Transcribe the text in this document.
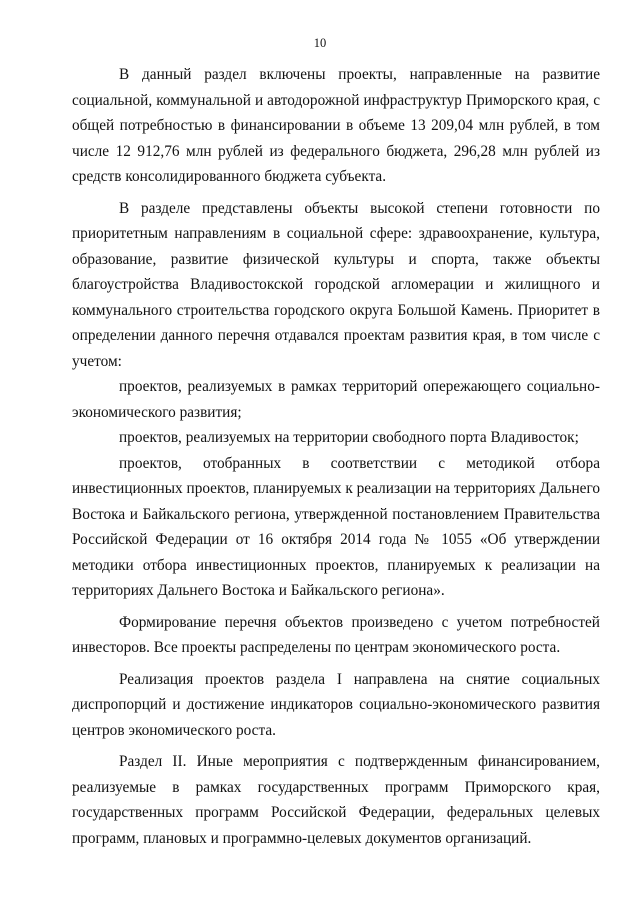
10

В данный раздел включены проекты, направленные на развитие социальной, коммунальной и автодорожной инфраструктур Приморского края, с общей потребностью в финансировании в объеме 13 209,04 млн рублей, в том числе 12 912,76 млн рублей из федерального бюджета, 296,28 млн рублей из средств консолидированного бюджета субъекта.

В разделе представлены объекты высокой степени готовности по приоритетным направлениям в социальной сфере: здравоохранение, культура, образование, развитие физической культуры и спорта, также объекты благоустройства Владивостокской городской агломерации и жилищного и коммунального строительства городского округа Большой Камень. Приоритет в определении данного перечня отдавался проектам развития края, в том числе с учетом:

проектов, реализуемых в рамках территорий опережающего социально-экономического развития;

проектов, реализуемых на территории свободного порта Владивосток;

проектов, отобранных в соответствии с методикой отбора инвестиционных проектов, планируемых к реализации на территориях Дальнего Востока и Байкальского региона, утвержденной постановлением Правительства Российской Федерации от 16 октября 2014 года № 1055 «Об утверждении методики отбора инвестиционных проектов, планируемых к реализации на территориях Дальнего Востока и Байкальского региона».

Формирование перечня объектов произведено с учетом потребностей инвесторов. Все проекты распределены по центрам экономического роста.

Реализация проектов раздела I направлена на снятие социальных диспропорций и достижение индикаторов социально-экономического развития центров экономического роста.

Раздел II. Иные мероприятия с подтвержденным финансированием, реализуемые в рамках государственных программ Приморского края, государственных программ Российской Федерации, федеральных целевых программ, плановых и программно-целевых документов организаций.
